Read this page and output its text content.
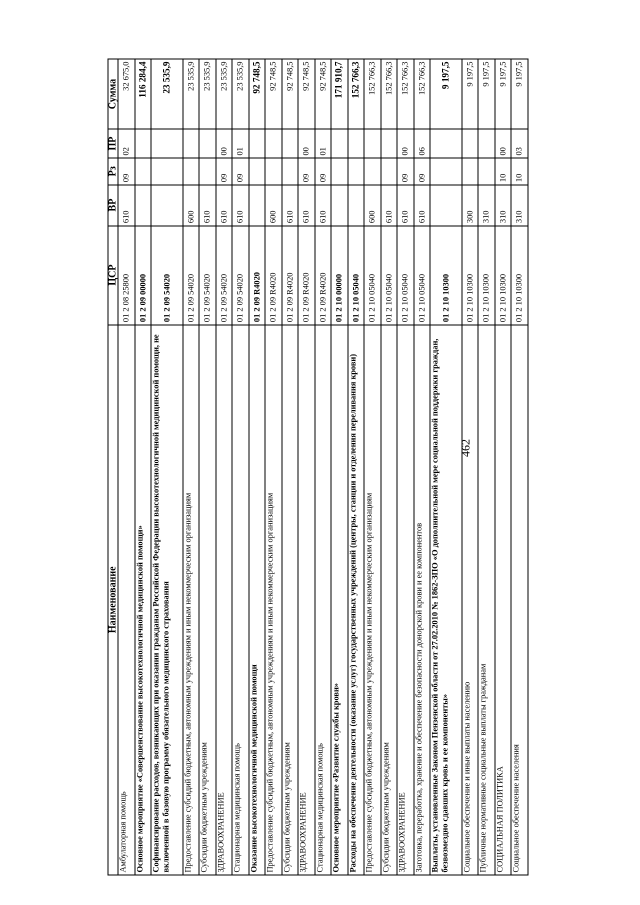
462
Наименование	ЦСР	ВР	Рз	ПР	Сумма
Амбулаторная помощь	01 2 08 25800	610	09	02	32 675,0
Основное мероприятие «Совершенствование высокотехнологичной медицинской помощи»	01 2 09 00000				116 284,4
Софинансирование расходов, возникающих при оказании гражданам Российской Федерации высокотехнологичной медицинской помощи, не включенной в базовую программу обязательного медицинского страхования	01 2 09 54020				23 535,9
Предоставление субсидий бюджетным, автономным учреждениям и иным некоммерческим организациям	01 2 09 54020	600			23 535,9
Субсидии бюджетным учреждениям	01 2 09 54020	610			23 535,9
ЗДРАВООХРАНЕНИЕ	01 2 09 54020	610	09	00	23 535,9
Стационарная медицинская помощь	01 2 09 54020	610	09	01	23 535,9
Оказание высокотехнологичной медицинской помощи	01 2 09 R4020				92 748,5
Предоставление субсидий бюджетным, автономным учреждениям и иным некоммерческим организациям	01 2 09 R4020	600			92 748,5
Субсидии бюджетным учреждениям	01 2 09 R4020	610			92 748,5
ЗДРАВООХРАНЕНИЕ	01 2 09 R4020	610	09	00	92 748,5
Стационарная медицинская помощь	01 2 09 R4020	610	09	01	92 748,5
Основное мероприятие «Развитие службы крови»	01 2 10 00000				171 910,7
Расходы на обеспечение деятельности (оказание услуг) государственных учреждений (центры, станции и отделения переливания крови)	01 2 10 05040				152 766,3
Предоставление субсидий бюджетным, автономным учреждениям и иным некоммерческим организациям	01 2 10 05040	600			152 766,3
Субсидии бюджетным учреждениям	01 2 10 05040	610			152 766,3
ЗДРАВООХРАНЕНИЕ	01 2 10 05040	610	09	00	152 766,3
Заготовка, переработка, хранение и обеспечение безопасности донорской крови и ее компонентов	01 2 10 05040	610	09	06	152 766,3
Выплаты, установленные Законом Пензенской области от 27.02.2010 № 1862-ЗПО «О дополнительной мере социальной поддержки граждан, безвозмездно сдавших кровь и ее компоненты»	01 2 10 10300				9 197,5
Социальное обеспечение и иные выплаты населению	01 2 10 10300	300			9 197,5
Публичные нормативные социальные выплаты гражданам	01 2 10 10300	310			9 197,5
СОЦИАЛЬНАЯ ПОЛИТИКА	01 2 10 10300	310	10	00	9 197,5
Социальное обеспечение населения	01 2 10 10300	310	10	03	9 197,5
